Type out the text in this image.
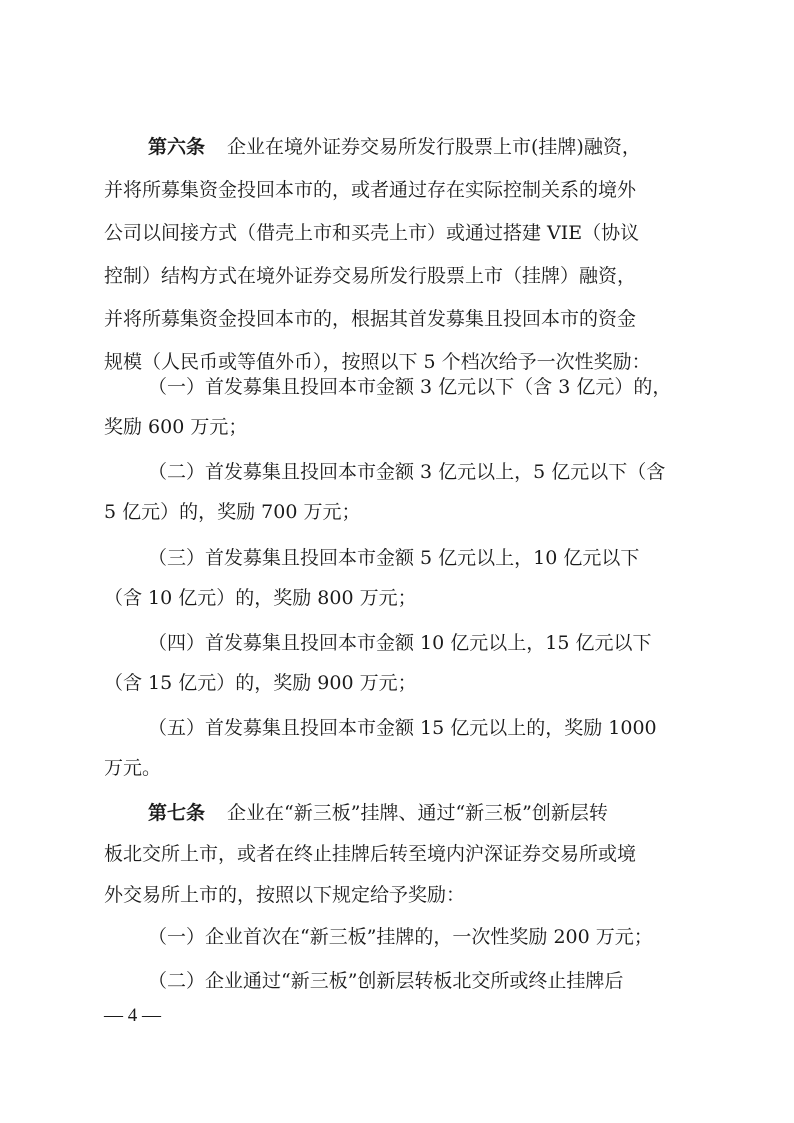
第六条 企业在境外证券交易所发行股票上市(挂牌)融资，
并将所募集资金投回本市的，或者通过存在实际控制关系的境外
公司以间接方式（借壳上市和买壳上市）或通过搭建 VIE（协议
控制）结构方式在境外证券交易所发行股票上市（挂牌）融资，
并将所募集资金投回本市的，根据其首发募集且投回本市的资金
规模（人民币或等值外币），按照以下 5 个档次给予一次性奖励：
（一）首发募集且投回本市金额 3 亿元以下（含 3 亿元）的，
奖励 600 万元；
（二）首发募集且投回本市金额 3 亿元以上，5 亿元以下（含
5 亿元）的，奖励 700 万元；
（三）首发募集且投回本市金额 5 亿元以上，10 亿元以下
（含 10 亿元）的，奖励 800 万元；
（四）首发募集且投回本市金额 10 亿元以上，15 亿元以下
（含 15 亿元）的，奖励 900 万元；
（五）首发募集且投回本市金额 15 亿元以上的，奖励 1000
万元。
第七条 企业在“新三板”挂牌、通过“新三板”创新层转
板北交所上市，或者在终止挂牌后转至境内沪深证券交易所或境
外交易所上市的，按照以下规定给予奖励：
（一）企业首次在“新三板”挂牌的，一次性奖励 200 万元；
（二）企业通过“新三板”创新层转板北交所或终止挂牌后
— 4 —
